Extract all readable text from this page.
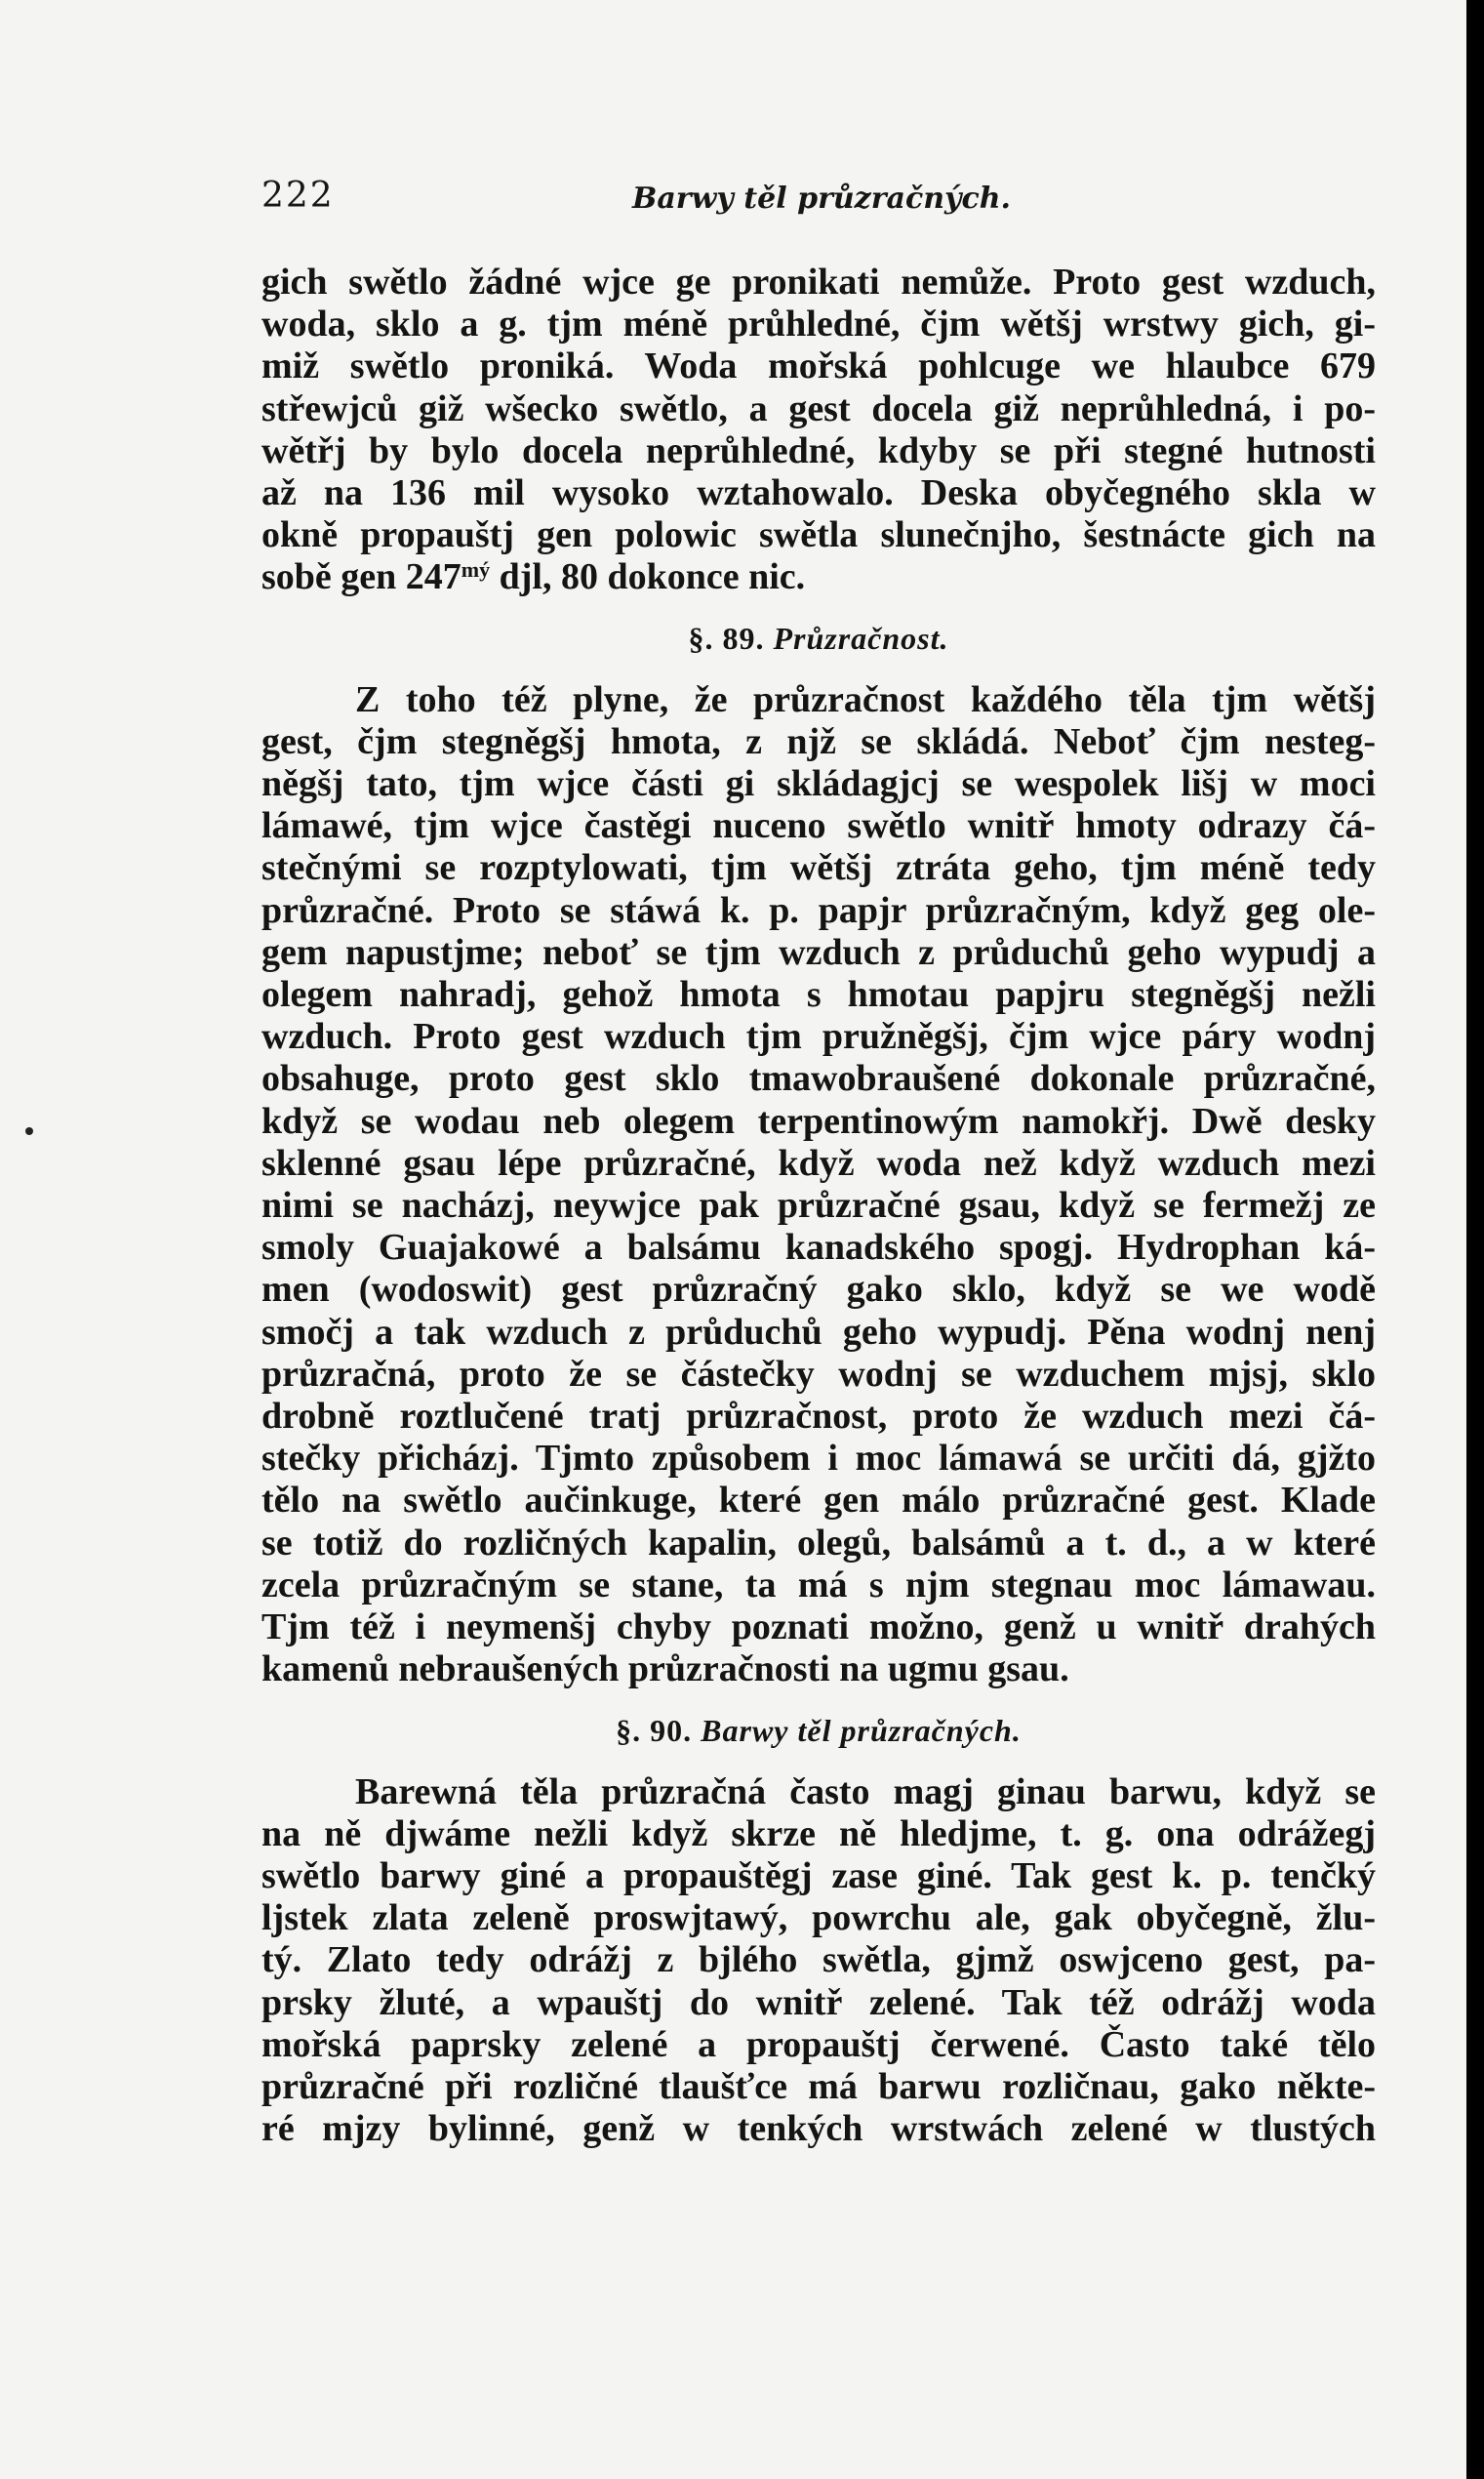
222	Barwy těl průzračných.

gich swětlo žádné wjce ge pronikati nemůže. Proto gest wzduch,
woda, sklo a g. tjm méně průhledné, čjm wětšj wrstwy gich, gi-
miž swětlo proniká. Woda mořská pohlcuge we hlaubce 679
střewjců giž wšecko swětlo, a gest docela giž neprůhledná, i po-
wětřj by bylo docela neprůhledné, kdyby se při stegné hutnosti
až na 136 mil wysoko wztahowalo. Deska obyčegného skla w
okně propauštj gen polowic swětla slunečnjho, šestnácte gich na
sobě gen $247^{mý}$ djl, 80 dokonce nic.

§. 89. Průzračnost.

Z toho též plyne, že průzračnost každého těla tjm wětšj
gest, čjm stegněgšj hmota, z njž se skládá. Neboť čjm nesteg-
něgšj tato, tjm wjce části gi skládagjcj se wespolek lišj w moci
lámawé, tjm wjce častěgi nuceno swětlo wnitř hmoty odrazy čá-
stečnými se rozptylowati, tjm wětšj ztráta geho, tjm méně tedy
průzračné. Proto se stáwá k. p. papjr průzračným, když geg ole-
gem napustjme; neboť se tjm wzduch z průduchů geho wypudj a
olegem nahradj, gehož hmota s hmotau papjru stegněgšj nežli
wzduch. Proto gest wzduch tjm pružněgšj, čjm wjce páry wodnj
obsahuge, proto gest sklo tmawobraušené dokonale průzračné,
když se wodau neb olegem terpentinowým namokřj. Dwě desky
sklenné gsau lépe průzračné, když woda než když wzduch mezi
nimi se nacházj, neywjce pak průzračné gsau, když se fermežj ze
smoly Guajakowé a balsámu kanadského spogj. Hydrophan ká-
men (wodoswit) gest průzračný gako sklo, když se we wodě
smočj a tak wzduch z průduchů geho wypudj. Pěna wodnj nenj
průzračná, proto že se částečky wodnj se wzduchem mjsj, sklo
drobně roztlučené tratj průzračnost, proto že wzduch mezi čá-
stečky přicházj. Tjmto způsobem i moc lámawá se určiti dá, gjžto
tělo na swětlo aučinkuge, které gen málo průzračné gest. Klade
se totiž do rozličných kapalin, olegů, balsámů a t. d., a w které
zcela průzračným se stane, ta má s njm stegnau moc lámawau.
Tjm též i neymenšj chyby poznati možno, genž u wnitř drahých
kamenů nebraušených průzračnosti na ugmu gsau.

§. 90. Barwy těl průzračných.

Barewná těla průzračná často magj ginau barwu, když se
na ně djwáme nežli když skrze ně hledjme, t. g. ona odrážegj
swětlo barwy giné a propauštěgj zase giné. Tak gest k. p. tenčký
ljstek zlata zeleně proswjtawý, powrchu ale, gak obyčegně, žlu-
tý. Zlato tedy odrážj z bjlého swětla, gjmž oswjceno gest, pa-
prsky žluté, a wpauštj do wnitř zelené. Tak též odrážj woda
mořská paprsky zelené a propauštj čerwené. Často také tělo
průzračné při rozličné tlaušťce má barwu rozličnau, gako někte-
ré mjzy bylinné, genž w tenkých wrstwách zelené w tlustých
